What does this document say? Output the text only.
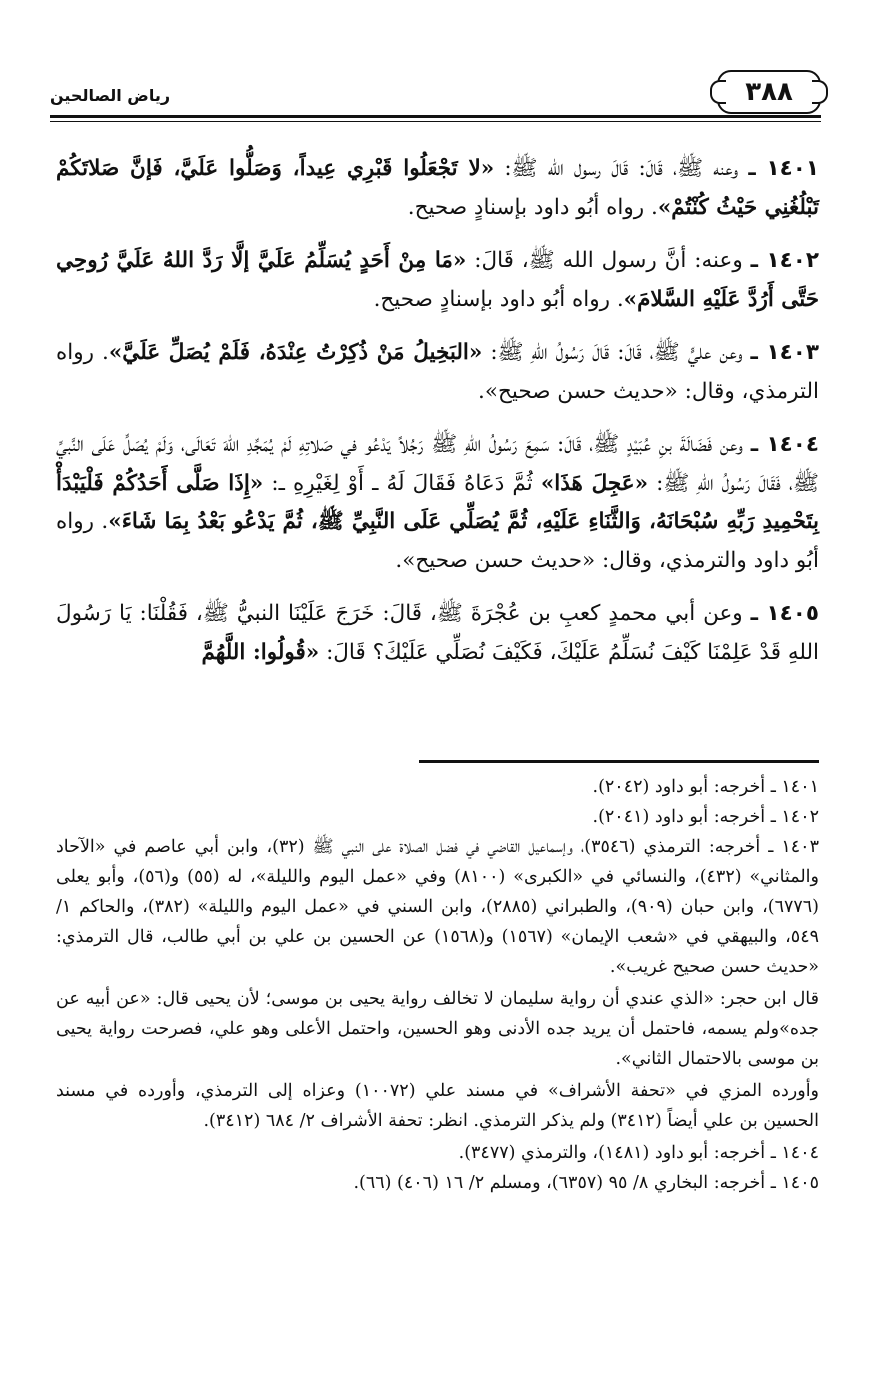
٣٨٨
رياض الصالحين

١٤٠١ ـ وعنه ﷺ، قَالَ: قَالَ رسول الله ﷺ: «لا تَجْعَلُوا قَبْرِي عِيداً، وَصَلُّوا عَلَيَّ، فَإنَّ صَلاتَكُمْ تَبْلُغُنِي حَيْثُ كُنْتُمْ». رواه أبُو داود بإسنادٍ صحيح.

١٤٠٢ ـ وعنه: أنَّ رسول الله ﷺ، قَالَ: «مَا مِنْ أَحَدٍ يُسَلِّمُ عَلَيَّ إلَّا رَدَّ اللهُ عَلَيَّ رُوحِي حَتَّى أَرُدَّ عَلَيْهِ السَّلامَ». رواه أبُو داود بإسنادٍ صحيح.

١٤٠٣ ـ وعن عليٍّ ﷺ، قَالَ: قَالَ رَسُولُ اللهِ ﷺ: «البَخِيلُ مَنْ ذُكِرْتُ عِنْدَهُ، فَلَمْ يُصَلِّ عَلَيَّ». رواه الترمذي، وقال: «حديث حسن صحيح».

١٤٠٤ ـ وعن فَضَالَةَ بنِ عُبَيْدٍ ﷺ، قَالَ: سَمِعَ رَسُولُ اللهِ ﷺ رَجُلاً يَدْعُو في صَلاتِهِ لَمْ يُمَجِّدِ اللهَ تَعَالَى، وَلَمْ يُصَلِّ عَلَى النَّبيِّ ﷺ، فَقَالَ رَسُولُ اللهِ ﷺ: «عَجِلَ هَذَا» ثُمَّ دَعَاهُ فَقَالَ لَهُ ـ أَوْ لِغَيْرِهِ ـ: «إِذَا صَلَّى أَحَدُكُمْ فَلْيَبْدَأْ بِتَحْمِيدِ رَبِّهِ سُبْحَانَهُ، وَالثَّنَاءِ عَلَيْهِ، ثُمَّ يُصَلِّي عَلَى النَّبِيِّ ﷺ، ثُمَّ يَدْعُو بَعْدُ بِمَا شَاءَ». رواه أبُو داود والترمذي، وقال: «حديث حسن صحيح».

١٤٠٥ ـ وعن أبي محمدٍ كعبِ بن عُجْرَةَ ﷺ، قَالَ: خَرَجَ عَلَيْنَا النبيُّ ﷺ، فَقُلْنَا: يَا رَسُولَ اللهِ قَدْ عَلِمْنَا كَيْفَ نُسَلِّمُ عَلَيْكَ، فَكَيْفَ نُصَلِّي عَلَيْكَ؟ قَالَ: «قُولُوا: اللَّهُمَّ

١٤٠١ ـ أخرجه: أبو داود (٢٠٤٢).

١٤٠٢ ـ أخرجه: أبو داود (٢٠٤١).

١٤٠٣ ـ أخرجه: الترمذي (٣٥٤٦)، وإسماعيل القاضي في فضل الصلاة على النبي ﷺ (٣٢)، وابن أبي عاصم في «الآحاد والمثاني» (٤٣٢)، والنسائي في «الكبرى» (٨١٠٠) وفي «عمل اليوم والليلة»، له (٥٥) و(٥٦)، وأبو يعلى (٦٧٧٦)، وابن حبان (٩٠٩)، والطبراني (٢٨٨٥)، وابن السني في «عمل اليوم والليلة» (٣٨٢)، والحاكم ١/ ٥٤٩، والبيهقي في «شعب الإيمان» (١٥٦٧) و(١٥٦٨) عن الحسين بن علي بن أبي طالب، قال الترمذي: «حديث حسن صحيح غريب».

قال ابن حجر: «الذي عندي أن رواية سليمان لا تخالف رواية يحيى بن موسى؛ لأن يحيى قال: «عن أبيه عن جده»ولم يسمه، فاحتمل أن يريد جده الأدنى وهو الحسين، واحتمل الأعلى وهو علي، فصرحت رواية يحيى بن موسى بالاحتمال الثاني».

وأورده المزي في «تحفة الأشراف» في مسند علي (١٠٠٧٢) وعزاه إلى الترمذي، وأورده في مسند الحسين بن علي أيضاً (٣٤١٢) ولم يذكر الترمذي. انظر: تحفة الأشراف ٢/ ٦٨٤ (٣٤١٢).

١٤٠٤ ـ أخرجه: أبو داود (١٤٨١)، والترمذي (٣٤٧٧).

١٤٠٥ ـ أخرجه: البخاري ٨/ ٩٥ (٦٣٥٧)، ومسلم ٢/ ١٦ (٤٠٦) (٦٦).
